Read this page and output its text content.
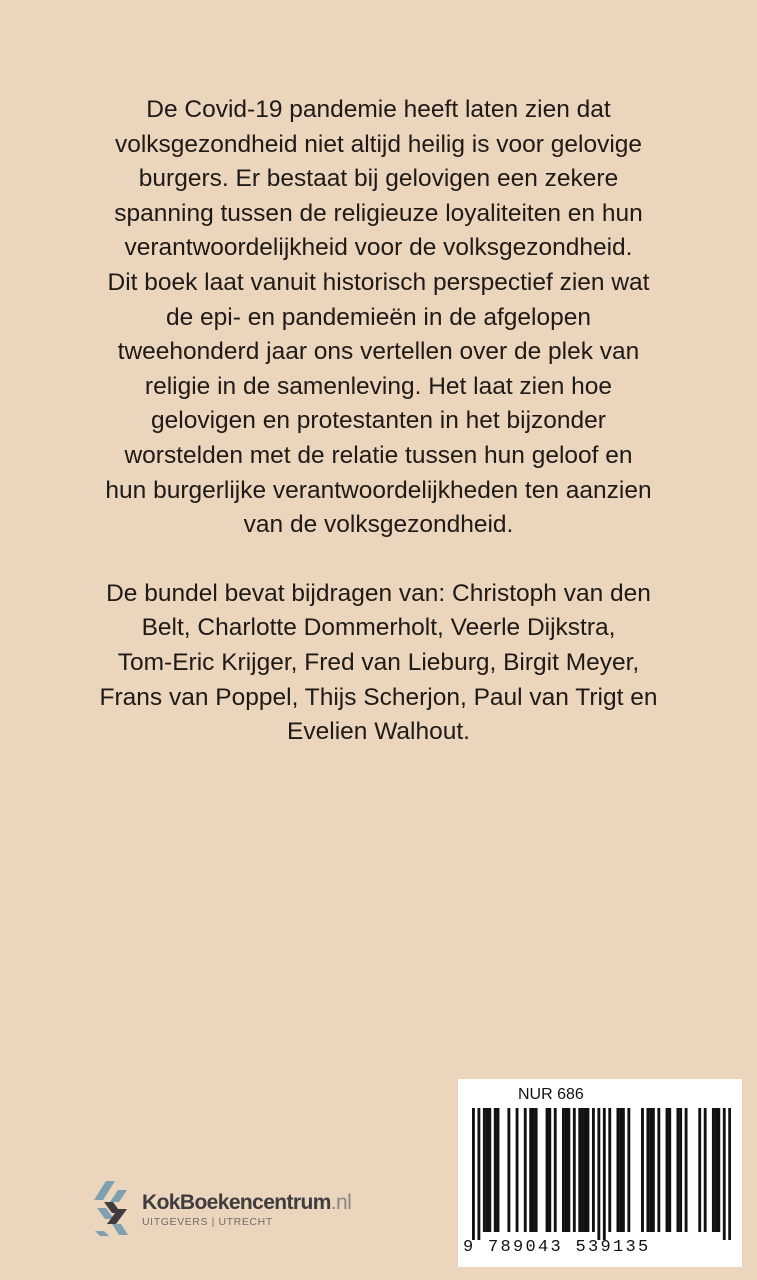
De Covid-19 pandemie heeft laten zien dat
volksgezondheid niet altijd heilig is voor gelovige
burgers. Er bestaat bij gelovigen een zekere
spanning tussen de religieuze loyaliteiten en hun
verantwoordelijkheid voor de volksgezondheid.
Dit boek laat vanuit historisch perspectief zien wat
de epi- en pandemieën in de afgelopen
tweehonderd jaar ons vertellen over de plek van
religie in de samenleving. Het laat zien hoe
gelovigen en protestanten in het bijzonder
worstelden met de relatie tussen hun geloof en
hun burgerlijke verantwoordelijkheden ten aanzien
van de volksgezondheid.

De bundel bevat bijdragen van: Christoph van den
Belt, Charlotte Dommerholt, Veerle Dijkstra,
Tom-Eric Krijger, Fred van Lieburg, Birgit Meyer,
Frans van Poppel, Thijs Scherjon, Paul van Trigt en
Evelien Walhout.

KokBoekencentrum.nl
UITGEVERS | UTRECHT
NUR 686
9 789043 539135
